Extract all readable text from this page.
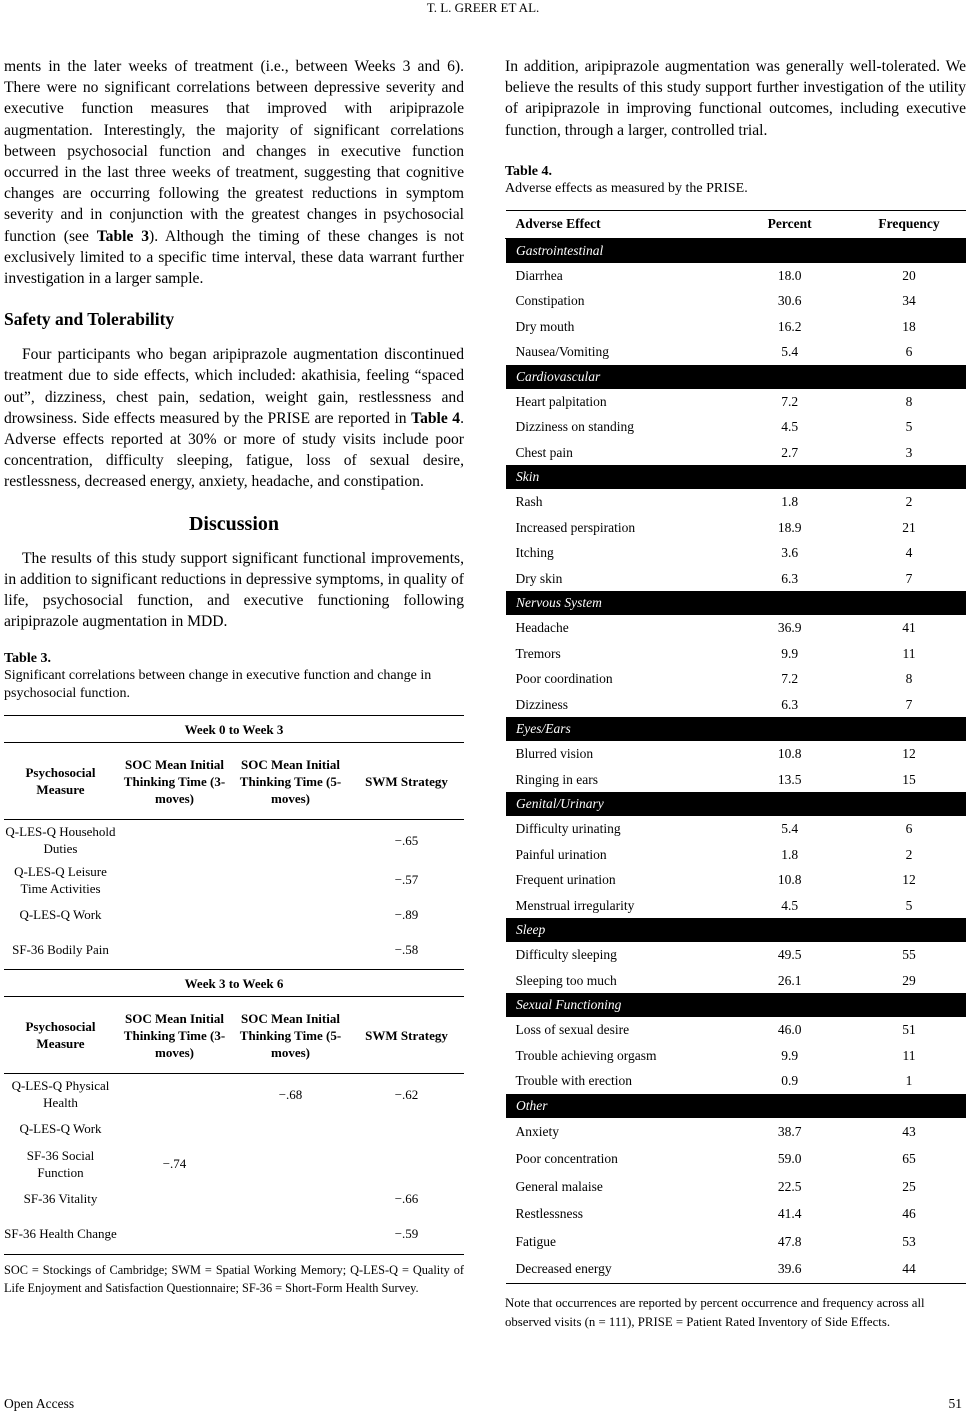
T. L. GREER ET AL.

ments in the later weeks of treatment (i.e., between Weeks 3 and 6). There were no significant correlations between depressive severity and executive function measures that improved with aripiprazole augmentation. Interestingly, the majority of significant correlations between psychosocial function and changes in executive function occurred in the last three weeks of treatment, suggesting that cognitive changes are occurring following the greatest reductions in symptom severity and in conjunction with the greatest changes in psychosocial function (see Table 3). Although the timing of these changes is not exclusively limited to a specific time interval, these data warrant further investigation in a larger sample.

Safety and Tolerability

Four participants who began aripiprazole augmentation discontinued treatment due to side effects, which included: akathisia, feeling “spaced out”, dizziness, chest pain, sedation, weight gain, restlessness and drowsiness. Side effects measured by the PRISE are reported in Table 4. Adverse effects reported at 30% or more of study visits include poor concentration, difficulty sleeping, fatigue, loss of sexual desire, restlessness, decreased energy, anxiety, headache, and constipation.

Discussion

The results of this study support significant functional improvements, in addition to significant reductions in depressive symptoms, in quality of life, psychosocial function, and executive functioning following aripiprazole augmentation in MDD.

Table 3.
Significant correlations between change in executive function and change in psychosocial function.
Week 0 to Week 3			
Psychosocial Measure	SOC Mean Initial Thinking Time (3-moves)	SOC Mean Initial Thinking Time (5-moves)	SWM Strategy
Q-LES-Q Household Duties			−.65
Q-LES-Q Leisure Time Activities			−.57
Q-LES-Q Work			−.89
SF-36 Bodily Pain			−.58
Week 3 to Week 6			
Psychosocial Measure	SOC Mean Initial Thinking Time (3-moves)	SOC Mean Initial Thinking Time (5-moves)	SWM Strategy
Q-LES-Q Physical Health		−.68	−.62
Q-LES-Q Work			
SF-36 Social Function	−.74		
SF-36 Vitality			−.66
SF-36 Health Change			−.59
SOC = Stockings of Cambridge; SWM = Spatial Working Memory; Q-LES-Q = Quality of Life Enjoyment and Satisfaction Questionnaire; SF-36 = Short-Form Health Survey.

In addition, aripiprazole augmentation was generally well-tolerated. We believe the results of this study support further investigation of the utility of aripiprazole in improving functional outcomes, including executive function, through a larger, controlled trial.

Table 4.
Adverse effects as measured by the PRISE.
Adverse Effect	Percent	Frequency
Gastrointestinal		
Diarrhea	18.0	20
Constipation	30.6	34
Dry mouth	16.2	18
Nausea/Vomiting	5.4	6
Cardiovascular		
Heart palpitation	7.2	8
Dizziness on standing	4.5	5
Chest pain	2.7	3
Skin		
Rash	1.8	2
Increased perspiration	18.9	21
Itching	3.6	4
Dry skin	6.3	7
Nervous System		
Headache	36.9	41
Tremors	9.9	11
Poor coordination	7.2	8
Dizziness	6.3	7
Eyes/Ears		
Blurred vision	10.8	12
Ringing in ears	13.5	15
Genital/Urinary		
Difficulty urinating	5.4	6
Painful urination	1.8	2
Frequent urination	10.8	12
Menstrual irregularity	4.5	5
Sleep		
Difficulty sleeping	49.5	55
Sleeping too much	26.1	29
Sexual Functioning		
Loss of sexual desire	46.0	51
Trouble achieving orgasm	9.9	11
Trouble with erection	0.9	1
Other		
Anxiety	38.7	43
Poor concentration	59.0	65
General malaise	22.5	25
Restlessness	41.4	46
Fatigue	47.8	53
Decreased energy	39.6	44
Note that occurrences are reported by percent occurrence and frequency across all observed visits (n = 111), PRISE = Patient Rated Inventory of Side Effects.
Open Access	51
